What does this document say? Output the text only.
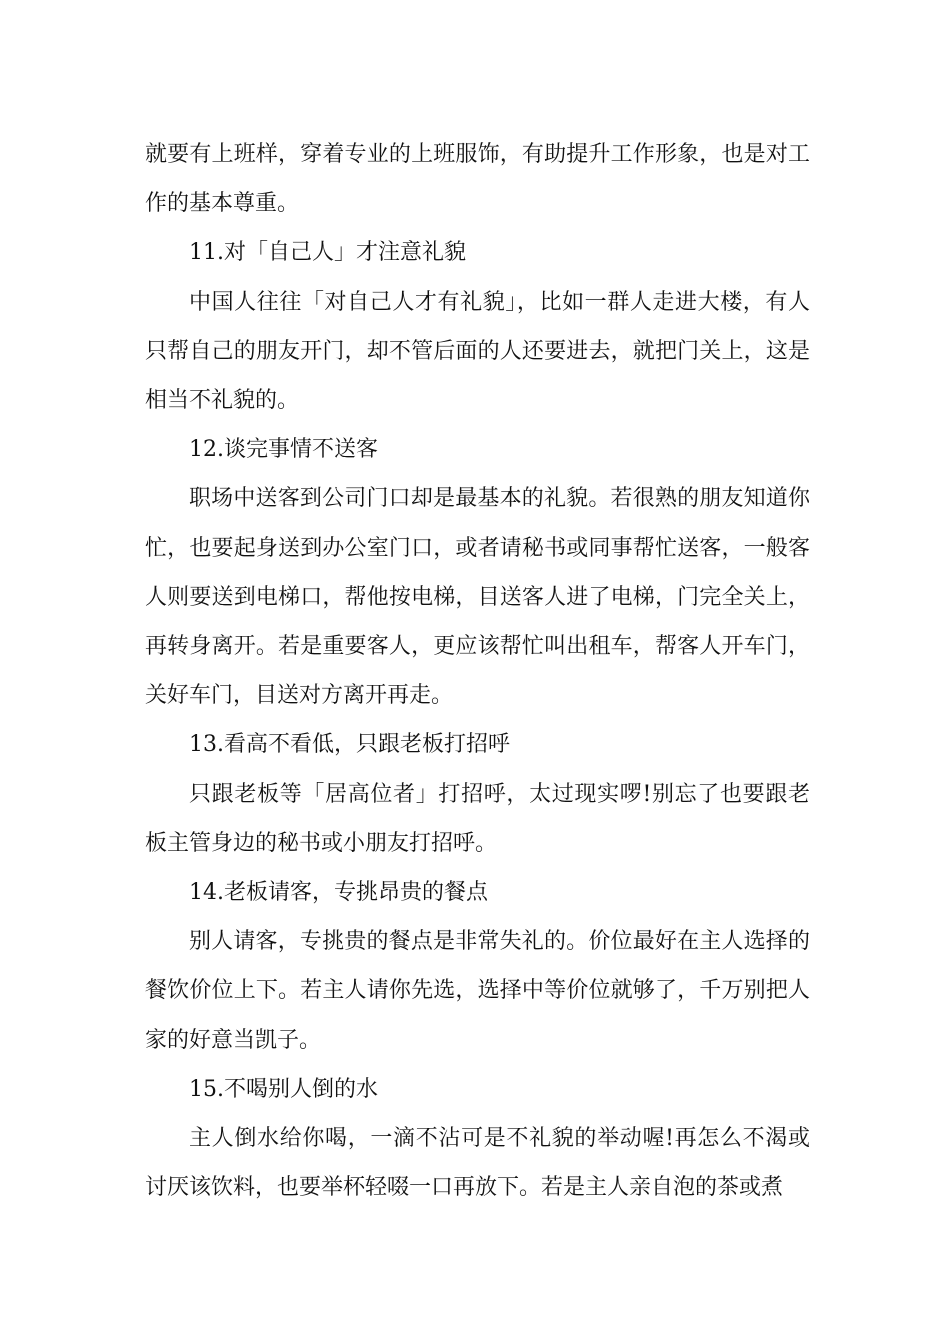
就要有上班样，穿着专业的上班服饰，有助提升工作形象，也是对工作的基本尊重。

11.对「自己人」才注意礼貌

中国人往往「对自己人才有礼貌」，比如一群人走进大楼，有人只帮自己的朋友开门，却不管后面的人还要进去，就把门关上，这是相当不礼貌的。

12.谈完事情不送客

职场中送客到公司门口却是最基本的礼貌。若很熟的朋友知道你忙，也要起身送到办公室门口，或者请秘书或同事帮忙送客，一般客人则要送到电梯口，帮他按电梯，目送客人进了电梯，门完全关上，再转身离开。若是重要客人，更应该帮忙叫出租车，帮客人开车门，关好车门，目送对方离开再走。

13.看高不看低，只跟老板打招呼

只跟老板等「居高位者」打招呼，太过现实啰!别忘了也要跟老板主管身边的秘书或小朋友打招呼。

14.老板请客，专挑昂贵的餐点

别人请客，专挑贵的餐点是非常失礼的。价位最好在主人选择的餐饮价位上下。若主人请你先选，选择中等价位就够了，千万别把人家的好意当凯子。

15.不喝别人倒的水

主人倒水给你喝，一滴不沾可是不礼貌的举动喔!再怎么不渴或讨厌该饮料，也要举杯轻啜一口再放下。若是主人亲自泡的茶或煮
